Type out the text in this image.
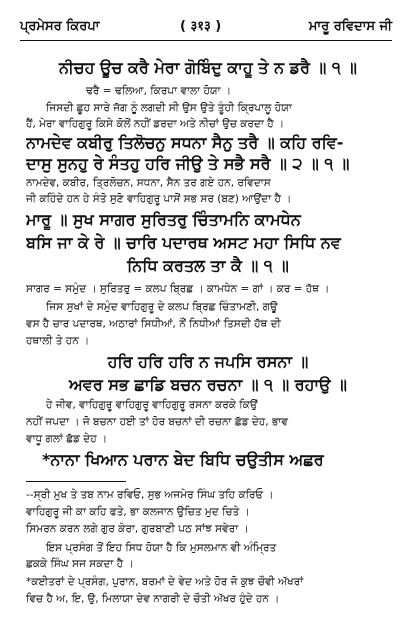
ਪ੍ਰਮੇਸਰ ਕਿਰਪਾ	( ३१३ )	ਮਾਰੂ ਰਵਿਦਾਸ ਜੀ
ਨੀਚਹ ਊਚ ਕਰੈ ਮੇਰਾ ਗੋਬਿੰਦੁ ਕਾਹੂ ਤੇ ਨ ਡਰੈ ॥ ੧ ॥
ਢਰੈ = ਢਲਿਆ, ਕਿਰਪਾ ਵਾਲਾ ਹੋਯਾ ।
ਜਿਸਦੀ ਛੂਹ ਸਾਰੇ ਜੱਗ ਨੂੰ ਲਗਦੀ ਸੀ ਉਸ ਉਤੇ ਤੂੰਹੀ ਕ੍ਰਿਪਾਲੂ ਹੋਯਾ
ਹੈਂ, ਮੇਰਾ ਵਾਹਿਗੁਰੂ ਕਿਸੇ ਕੋਲੋਂ ਨਹੀਂ ਡਰਦਾ ਅਤੇ ਨੀਚਾਂ ਉਚ ਕਰਦਾ ਹੈ ।
ਨਾਮਦੇਵ ਕਬੀਰੁ ਤਿਲੋਚਨੁ ਸਧਨਾ ਸੈਨੁ ਤਰੈ ॥ ਕਹਿ ਰਵਿ-
ਦਾਸੁ ਸੁਨਹੁ ਰੇ ਸੰਤਹੁ ਹਰਿ ਜੀਉ ਤੇ ਸਭੈ ਸਰੈ ॥ ੨ ॥ ੧ ॥
ਨਾਮਦੇਵ, ਕਬੀਰ, ਤ੍ਰਿਲੋਚਨ, ਸਧਨਾ, ਸੈਨ ਤਰ ਗਏ ਹਨ, ਰਵਿਦਾਸ
ਜੀ ਕਹਿੰਦੇ ਹਨ ਹੇ ਸੰਤੋ ਸੁਣੋ ਵਾਹਿਗੁਰੂ ਪਾਸੋਂ ਸਭ ਸਰ (ਬਣ) ਆਉਂਦਾ ਹੈ ।
ਮਾਰੂ ॥ ਸੁਖ ਸਾਗਰ ਸੁਰਿਤਰੁ ਚਿੰਤਾਮਨਿ ਕਾਮਧੇਨ
ਬਸਿ ਜਾ ਕੇ ਰੇ ॥ ਚਾਰਿ ਪਦਾਰਥ ਅਸਟ ਮਹਾ ਸਿਧਿ ਨਵ
ਨਿਧਿ ਕਰਤਲ ਤਾ ਕੈ ॥ ੧ ॥
ਸਾਗਰ = ਸਮੁੰਦ । ਸੁਰਿਤਰੁ = ਕਲਪ ਬ੍ਰਿਛ । ਕਾਮਧੇਨ = ਗਾਂ । ਕਰ = ਹੱਥ ।
ਜਿਸ ਸੁਖਾਂ ਦੇ ਸਮੁੰਦ ਵਾਹਿਗੁਰੂ ਦੇ ਕਲਪ ਬ੍ਰਿਛ ਚਿੰਤਾਮਣੀ, ਗਊ
ਵਸ ਹੈ ਚਾਰ ਪਦਾਰਥ, ਅਠਾਰਾਂ ਸਿਧੀਆਂ, ਨੌਂ ਨਿਧੀਆਂ ਤਿਸਦੀ ਹੱਥ ਦੀ
ਹਥਾਲੀ ਤੇ ਹਨ ।
ਹਰਿ ਹਰਿ ਹਰਿ ਨ ਜਪਸਿ ਰਸਨਾ ॥
ਅਵਰ ਸਭ ਛਾਡਿ ਬਚਨ ਰਚਨਾ ॥ ੧ ॥ ਰਹਾਉ ॥
ਹੇ ਜੀਵ, ਵਾਹਿਗੁਰੂ ਵਾਹਿਗੁਰੂ ਵਾਹਿਗੁਰੂ ਰਸਨਾ ਕਰਕੇ ਕਿਉਂ
ਨਹੀਂ ਜਪਦਾ । ਜੋ ਬਚਨਾ ਹਈ ਤਾਂ ਹੋਰ ਬਚਨਾਂ ਦੀ ਰਚਨਾ ਛੱਡ ਦੇਹ, ਭਾਵ
ਵਾਧੂ ਗਲਾਂ ਛੱਡ ਦੇਹ ।
*ਨਾਨਾ ਖਿਆਨ ਪਰਾਨ ਬੇਦ ਬਿਧਿ ਚਉਤੀਸ ਅਛਰ
--ਸ੍ਰੀ ਮੁਖ ਤੇ ਤਬ ਨਾਮ ਰਵਿਓ, ਸੁਭ ਅਜਮੇਰ ਸਿੰਘ ਤਹਿ ਕਰਿਓ ।
ਵਾਹਿਗੁਰੂ ਜੀ ਕਾ ਕਹਿ ਫਤੇ, ਭਾ ਕਲਜਾਨ ਉਚਿਤ ਮੁਦ ਚਿਤੇ ।
ਸਿਮਰਨ ਕਰਨ ਲਗੇ ਗੁਰ ਕੇਰਾ, ਗੁਰਬਾਣੀ ਪਠ ਸਾਂਝ ਸਵੇਰਾ ।
ਇਸ ਪ੍ਰਸੰਗ ਤੋਂ ਇਹ ਸਿਧ ਹੋਯਾ ਹੈ ਕਿ ਮੁਸਲਮਾਨ ਵੀ ਅੰਮ੍ਰਿਤ
ਛਕਕੇ ਸਿੰਘ ਸਜ ਸਕਦਾ ਹੈ ।
*ਕਈਤਰਾਂ ਦੇ ਪ੍ਰਸੰਗ, ਪੁਰਾਨ, ਬਰਮਾਂ ਦੇ ਵੇਦ ਅਤੇ ਹੋਰ ਜੋ ਕੁਝ ਚੌਵੀ ਅੱਖਰਾਂ
ਵਿਚ ਹੈ ਅ, ਇ, ਉ, ਮਿਲਾਯਾ ਦੇਵ ਨਾਗਰੀ ਦੇ ਚੌਤੀ ਅੱਖਰ ਹੁੰਦੇ ਹਨ ।
